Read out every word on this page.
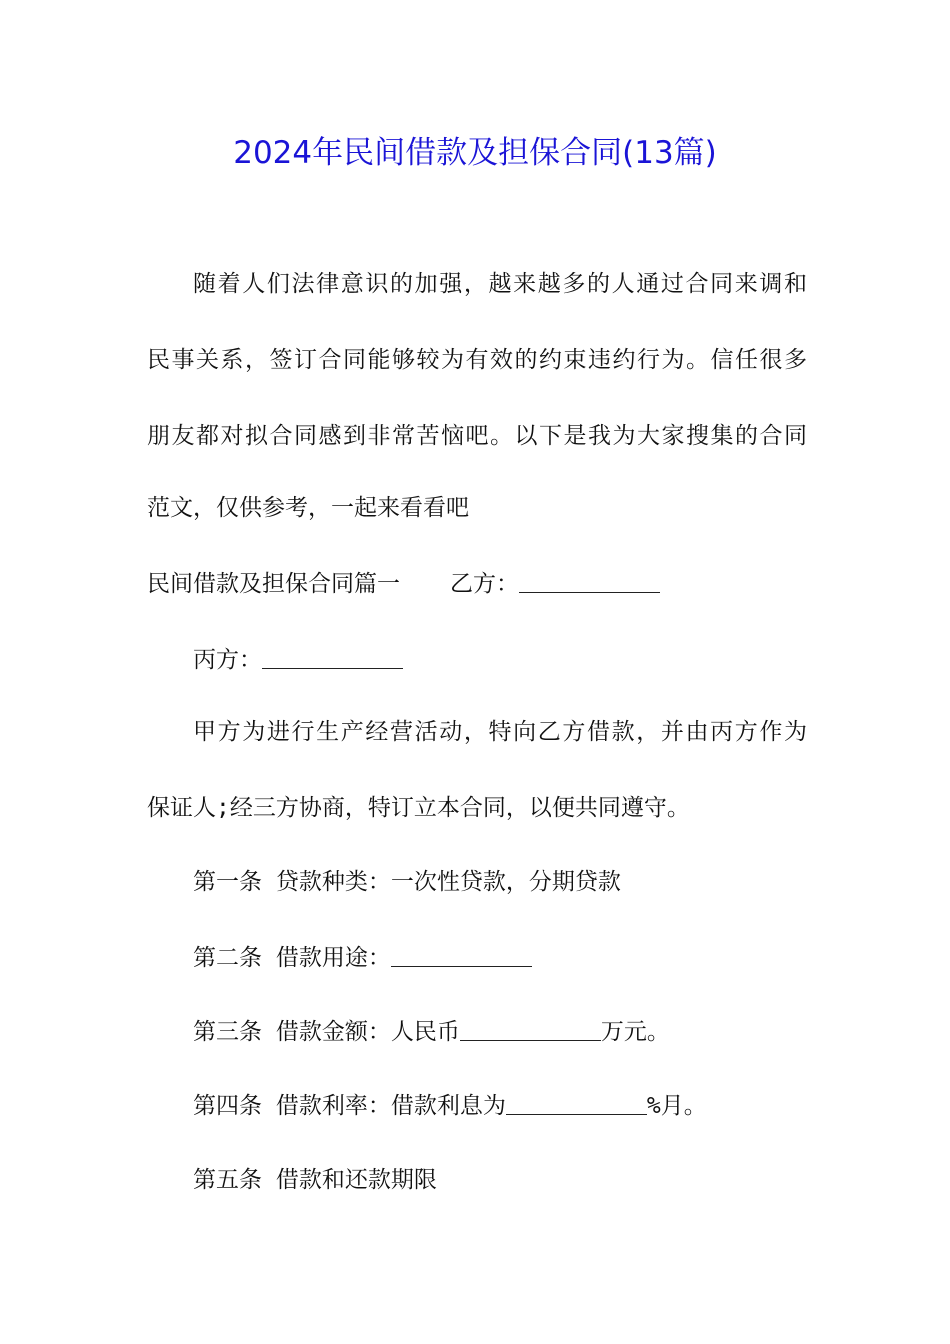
2024年民间借款及担保合同(13篇)
随着人们法律意识的加强，越来越多的人通过合同来调和
民事关系，签订合同能够较为有效的约束违约行为。信任很多
朋友都对拟合同感到非常苦恼吧。以下是我为大家搜集的合同
范文，仅供参考，一起来看看吧
民间借款及担保合同篇一 乙方：
丙方：
甲方为进行生产经营活动，特向乙方借款，并由丙方作为
保证人;经三方协商，特订立本合同，以便共同遵守。
第一条 贷款种类：一次性贷款，分期贷款
第二条 借款用途：
第三条 借款金额：人民币	万元。
第四条 借款利率：借款利息为	%月。
第五条 借款和还款期限
